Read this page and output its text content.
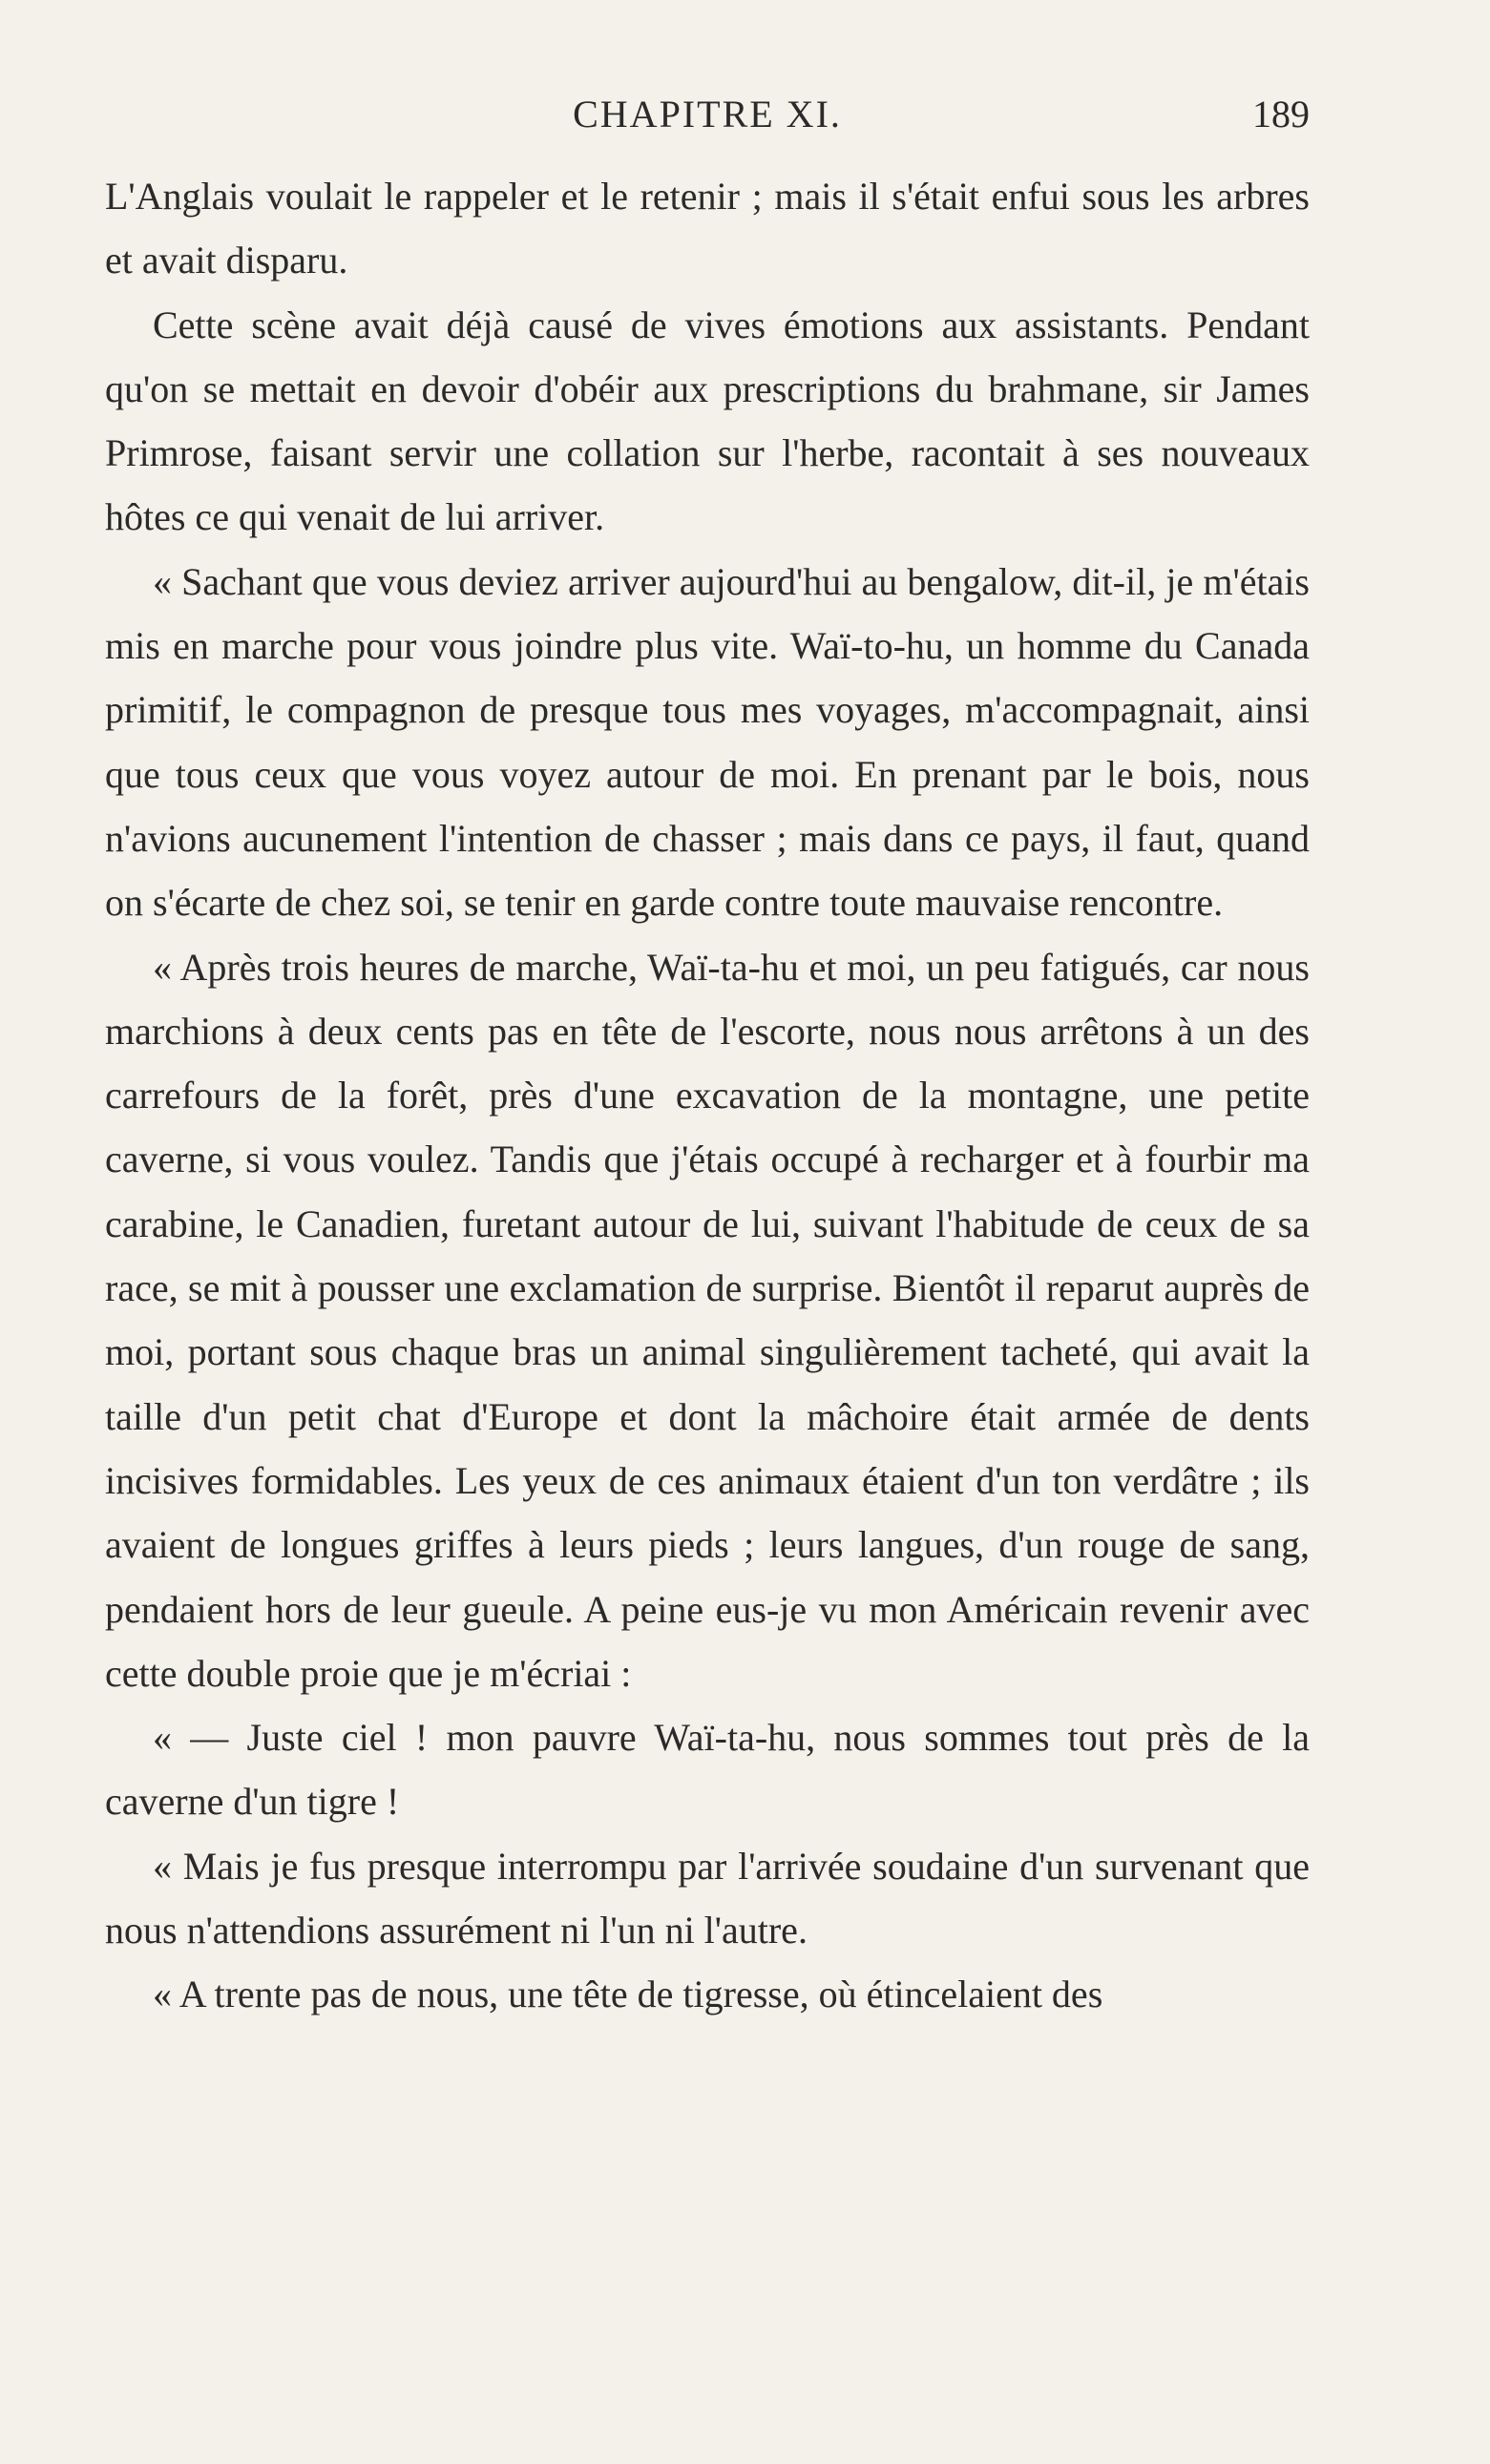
CHAPITRE XI.	189

L'Anglais voulait le rappeler et le retenir ; mais il s'était enfui sous les arbres et avait disparu.

Cette scène avait déjà causé de vives émotions aux assistants. Pendant qu'on se mettait en devoir d'obéir aux prescriptions du brahmane, sir James Primrose, faisant servir une collation sur l'herbe, racontait à ses nouveaux hôtes ce qui venait de lui arriver.

« Sachant que vous deviez arriver aujourd'hui au bengalow, dit-il, je m'étais mis en marche pour vous joindre plus vite. Waï-to-hu, un homme du Canada primitif, le compagnon de presque tous mes voyages, m'accompagnait, ainsi que tous ceux que vous voyez autour de moi. En prenant par le bois, nous n'avions aucunement l'intention de chasser ; mais dans ce pays, il faut, quand on s'écarte de chez soi, se tenir en garde contre toute mauvaise rencontre.

« Après trois heures de marche, Waï-ta-hu et moi, un peu fatigués, car nous marchions à deux cents pas en tête de l'escorte, nous nous arrêtons à un des carrefours de la forêt, près d'une excavation de la montagne, une petite caverne, si vous voulez. Tandis que j'étais occupé à recharger et à fourbir ma carabine, le Canadien, furetant autour de lui, suivant l'habitude de ceux de sa race, se mit à pousser une exclamation de surprise. Bientôt il reparut auprès de moi, portant sous chaque bras un animal singulièrement tacheté, qui avait la taille d'un petit chat d'Europe et dont la mâchoire était armée de dents incisives formidables. Les yeux de ces animaux étaient d'un ton verdâtre ; ils avaient de longues griffes à leurs pieds ; leurs langues, d'un rouge de sang, pendaient hors de leur gueule. A peine eus-je vu mon Américain revenir avec cette double proie que je m'écriai :

« — Juste ciel ! mon pauvre Waï-ta-hu, nous sommes tout près de la caverne d'un tigre !

« Mais je fus presque interrompu par l'arrivée soudaine d'un survenant que nous n'attendions assurément ni l'un ni l'autre.

« A trente pas de nous, une tête de tigresse, où étincelaient des
